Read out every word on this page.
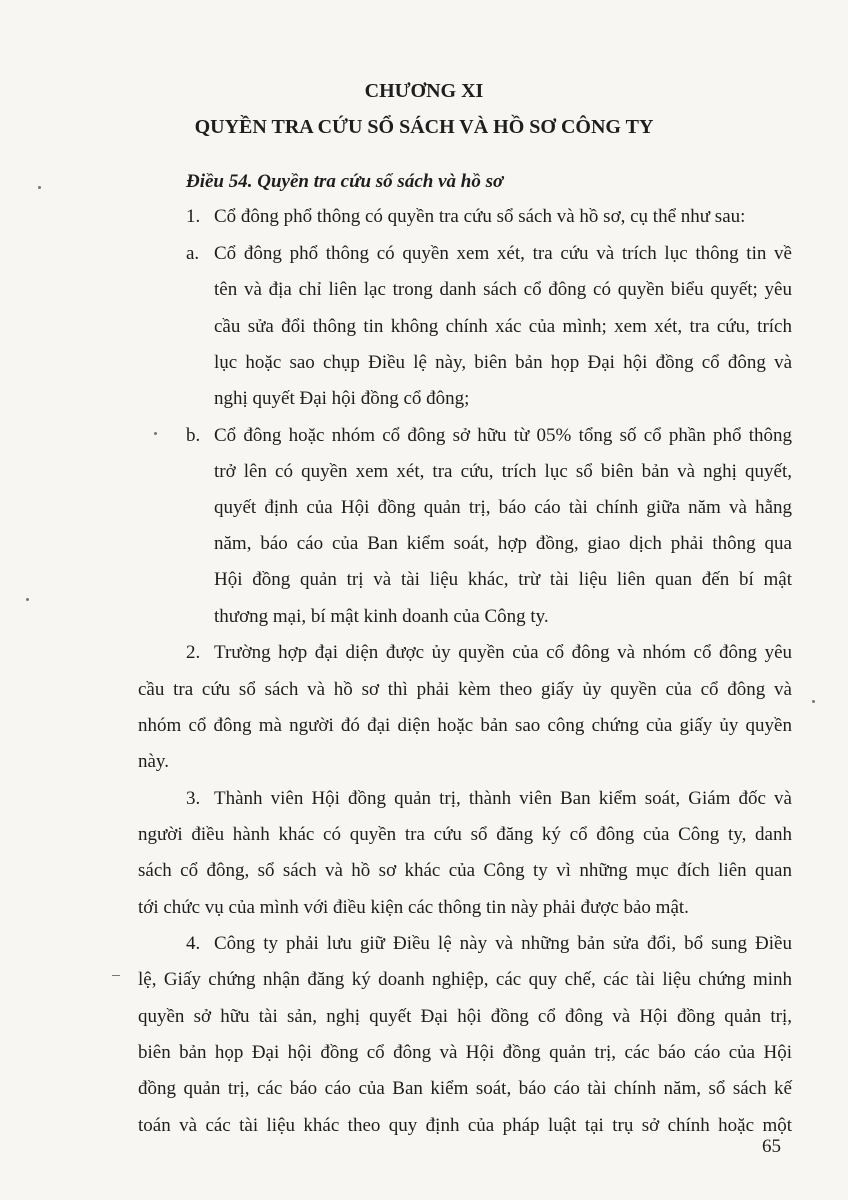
CHƯƠNG XI
QUYỀN TRA CỨU SỔ SÁCH VÀ HỒ SƠ CÔNG TY
Điều 54. Quyền tra cứu sổ sách và hồ sơ
1. Cổ đông phổ thông có quyền tra cứu sổ sách và hồ sơ, cụ thể như sau:
a. Cổ đông phổ thông có quyền xem xét, tra cứu và trích lục thông tin về
tên và địa chỉ liên lạc trong danh sách cổ đông có quyền biểu quyết; yêu
cầu sửa đổi thông tin không chính xác của mình; xem xét, tra cứu, trích
lục hoặc sao chụp Điều lệ này, biên bản họp Đại hội đồng cổ đông và
nghị quyết Đại hội đồng cổ đông;
b. Cổ đông hoặc nhóm cổ đông sở hữu từ 05% tổng số cổ phần phổ thông
trở lên có quyền xem xét, tra cứu, trích lục sổ biên bản và nghị quyết,
quyết định của Hội đồng quản trị, báo cáo tài chính giữa năm và hằng
năm, báo cáo của Ban kiểm soát, hợp đồng, giao dịch phải thông qua
Hội đồng quản trị và tài liệu khác, trừ tài liệu liên quan đến bí mật
thương mại, bí mật kinh doanh của Công ty.
2. Trường hợp đại diện được ủy quyền của cổ đông và nhóm cổ đông yêu
cầu tra cứu sổ sách và hồ sơ thì phải kèm theo giấy ủy quyền của cổ đông và
nhóm cổ đông mà người đó đại diện hoặc bản sao công chứng của giấy ủy quyền
này.
3. Thành viên Hội đồng quản trị, thành viên Ban kiểm soát, Giám đốc và
người điều hành khác có quyền tra cứu sổ đăng ký cổ đông của Công ty, danh
sách cổ đông, sổ sách và hồ sơ khác của Công ty vì những mục đích liên quan
tới chức vụ của mình với điều kiện các thông tin này phải được bảo mật.
4. Công ty phải lưu giữ Điều lệ này và những bản sửa đổi, bổ sung Điều
lệ, Giấy chứng nhận đăng ký doanh nghiệp, các quy chế, các tài liệu chứng minh
quyền sở hữu tài sản, nghị quyết Đại hội đồng cổ đông và Hội đồng quản trị,
biên bản họp Đại hội đồng cổ đông và Hội đồng quản trị, các báo cáo của Hội
đồng quản trị, các báo cáo của Ban kiểm soát, báo cáo tài chính năm, sổ sách kế
toán và các tài liệu khác theo quy định của pháp luật tại trụ sở chính hoặc một
65
